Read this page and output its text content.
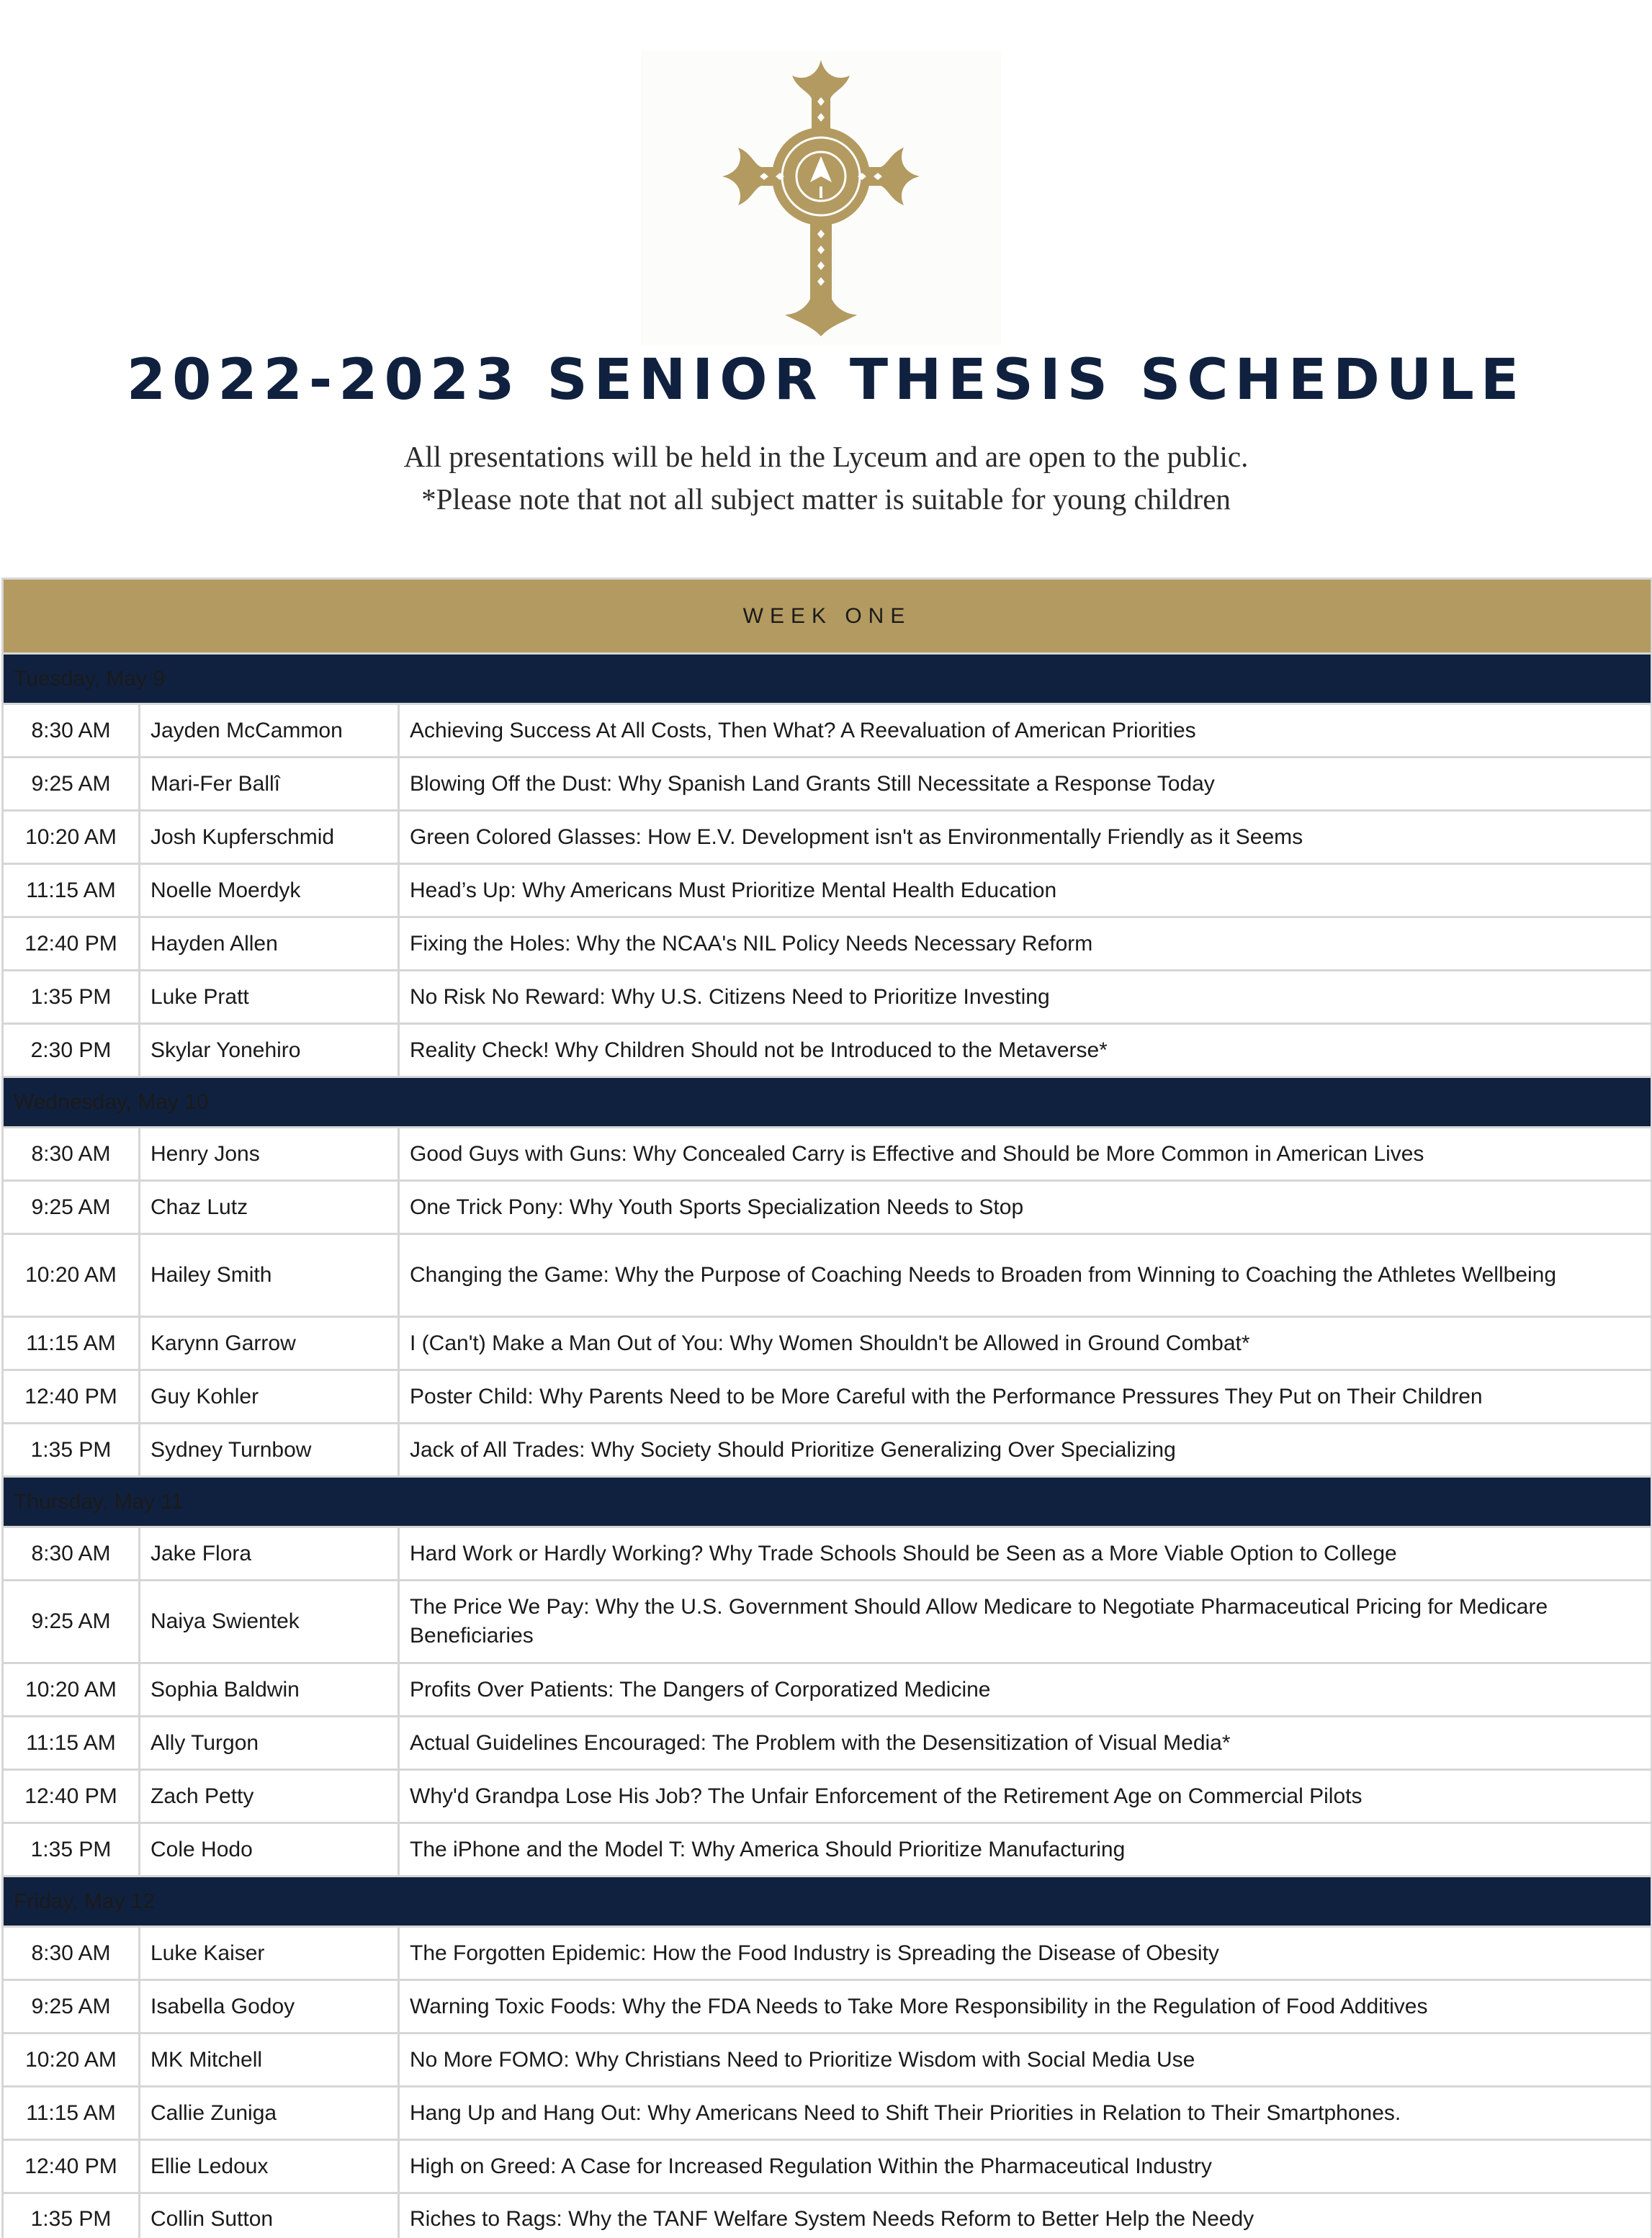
2022-2023 SENIOR THESIS SCHEDULE
All presentations will be held in the Lyceum and are open to the public.
*Please note that not all subject matter is suitable for young children
WEEK ONE		
Tuesday, May 9		
8:30 AM	Jayden McCammon	Achieving Success At All Costs, Then What? A Reevaluation of American Priorities
9:25 AM	Mari-Fer Ballî	Blowing Off the Dust: Why Spanish Land Grants Still Necessitate a Response Today
10:20 AM	Josh Kupferschmid	Green Colored Glasses: How E.V. Development isn't as Environmentally Friendly as it Seems
11:15 AM	Noelle Moerdyk	Head’s Up: Why Americans Must Prioritize Mental Health Education
12:40 PM	Hayden Allen	Fixing the Holes: Why the NCAA's NIL Policy Needs Necessary Reform
1:35 PM	Luke Pratt	No Risk No Reward: Why U.S. Citizens Need to Prioritize Investing
2:30 PM	Skylar Yonehiro	Reality Check! Why Children Should not be Introduced to the Metaverse*
Wednesday, May 10		
8:30 AM	Henry Jons	Good Guys with Guns: Why Concealed Carry is Effective and Should be More Common in American Lives
9:25 AM	Chaz Lutz	One Trick Pony: Why Youth Sports Specialization Needs to Stop
10:20 AM	Hailey Smith	Changing the Game: Why the Purpose of Coaching Needs to Broaden from Winning to Coaching the Athletes Wellbeing
11:15 AM	Karynn Garrow	I (Can't) Make a Man Out of You: Why Women Shouldn't be Allowed in Ground Combat*
12:40 PM	Guy Kohler	Poster Child: Why Parents Need to be More Careful with the Performance Pressures They Put on Their Children
1:35 PM	Sydney Turnbow	Jack of All Trades: Why Society Should Prioritize Generalizing Over Specializing
Thursday, May 11		
8:30 AM	Jake Flora	Hard Work or Hardly Working? Why Trade Schools Should be Seen as a More Viable Option to College
9:25 AM	Naiya Swientek	The Price We Pay: Why the U.S. Government Should Allow Medicare to Negotiate Pharmaceutical Pricing for Medicare Beneficiaries
10:20 AM	Sophia Baldwin	Profits Over Patients: The Dangers of Corporatized Medicine
11:15 AM	Ally Turgon	Actual Guidelines Encouraged: The Problem with the Desensitization of Visual Media*
12:40 PM	Zach Petty	Why'd Grandpa Lose His Job? The Unfair Enforcement of the Retirement Age on Commercial Pilots
1:35 PM	Cole Hodo	The iPhone and the Model T: Why America Should Prioritize Manufacturing
Friday, May 12		
8:30 AM	Luke Kaiser	The Forgotten Epidemic: How the Food Industry is Spreading the Disease of Obesity
9:25 AM	Isabella Godoy	Warning Toxic Foods: Why the FDA Needs to Take More Responsibility in the Regulation of Food Additives
10:20 AM	MK Mitchell	No More FOMO: Why Christians Need to Prioritize Wisdom with Social Media Use
11:15 AM	Callie Zuniga	Hang Up and Hang Out: Why Americans Need to Shift Their Priorities in Relation to Their Smartphones.
12:40 PM	Ellie Ledoux	High on Greed: A Case for Increased Regulation Within the Pharmaceutical Industry
1:35 PM	Collin Sutton	Riches to Rags: Why the TANF Welfare System Needs Reform to Better Help the Needy
